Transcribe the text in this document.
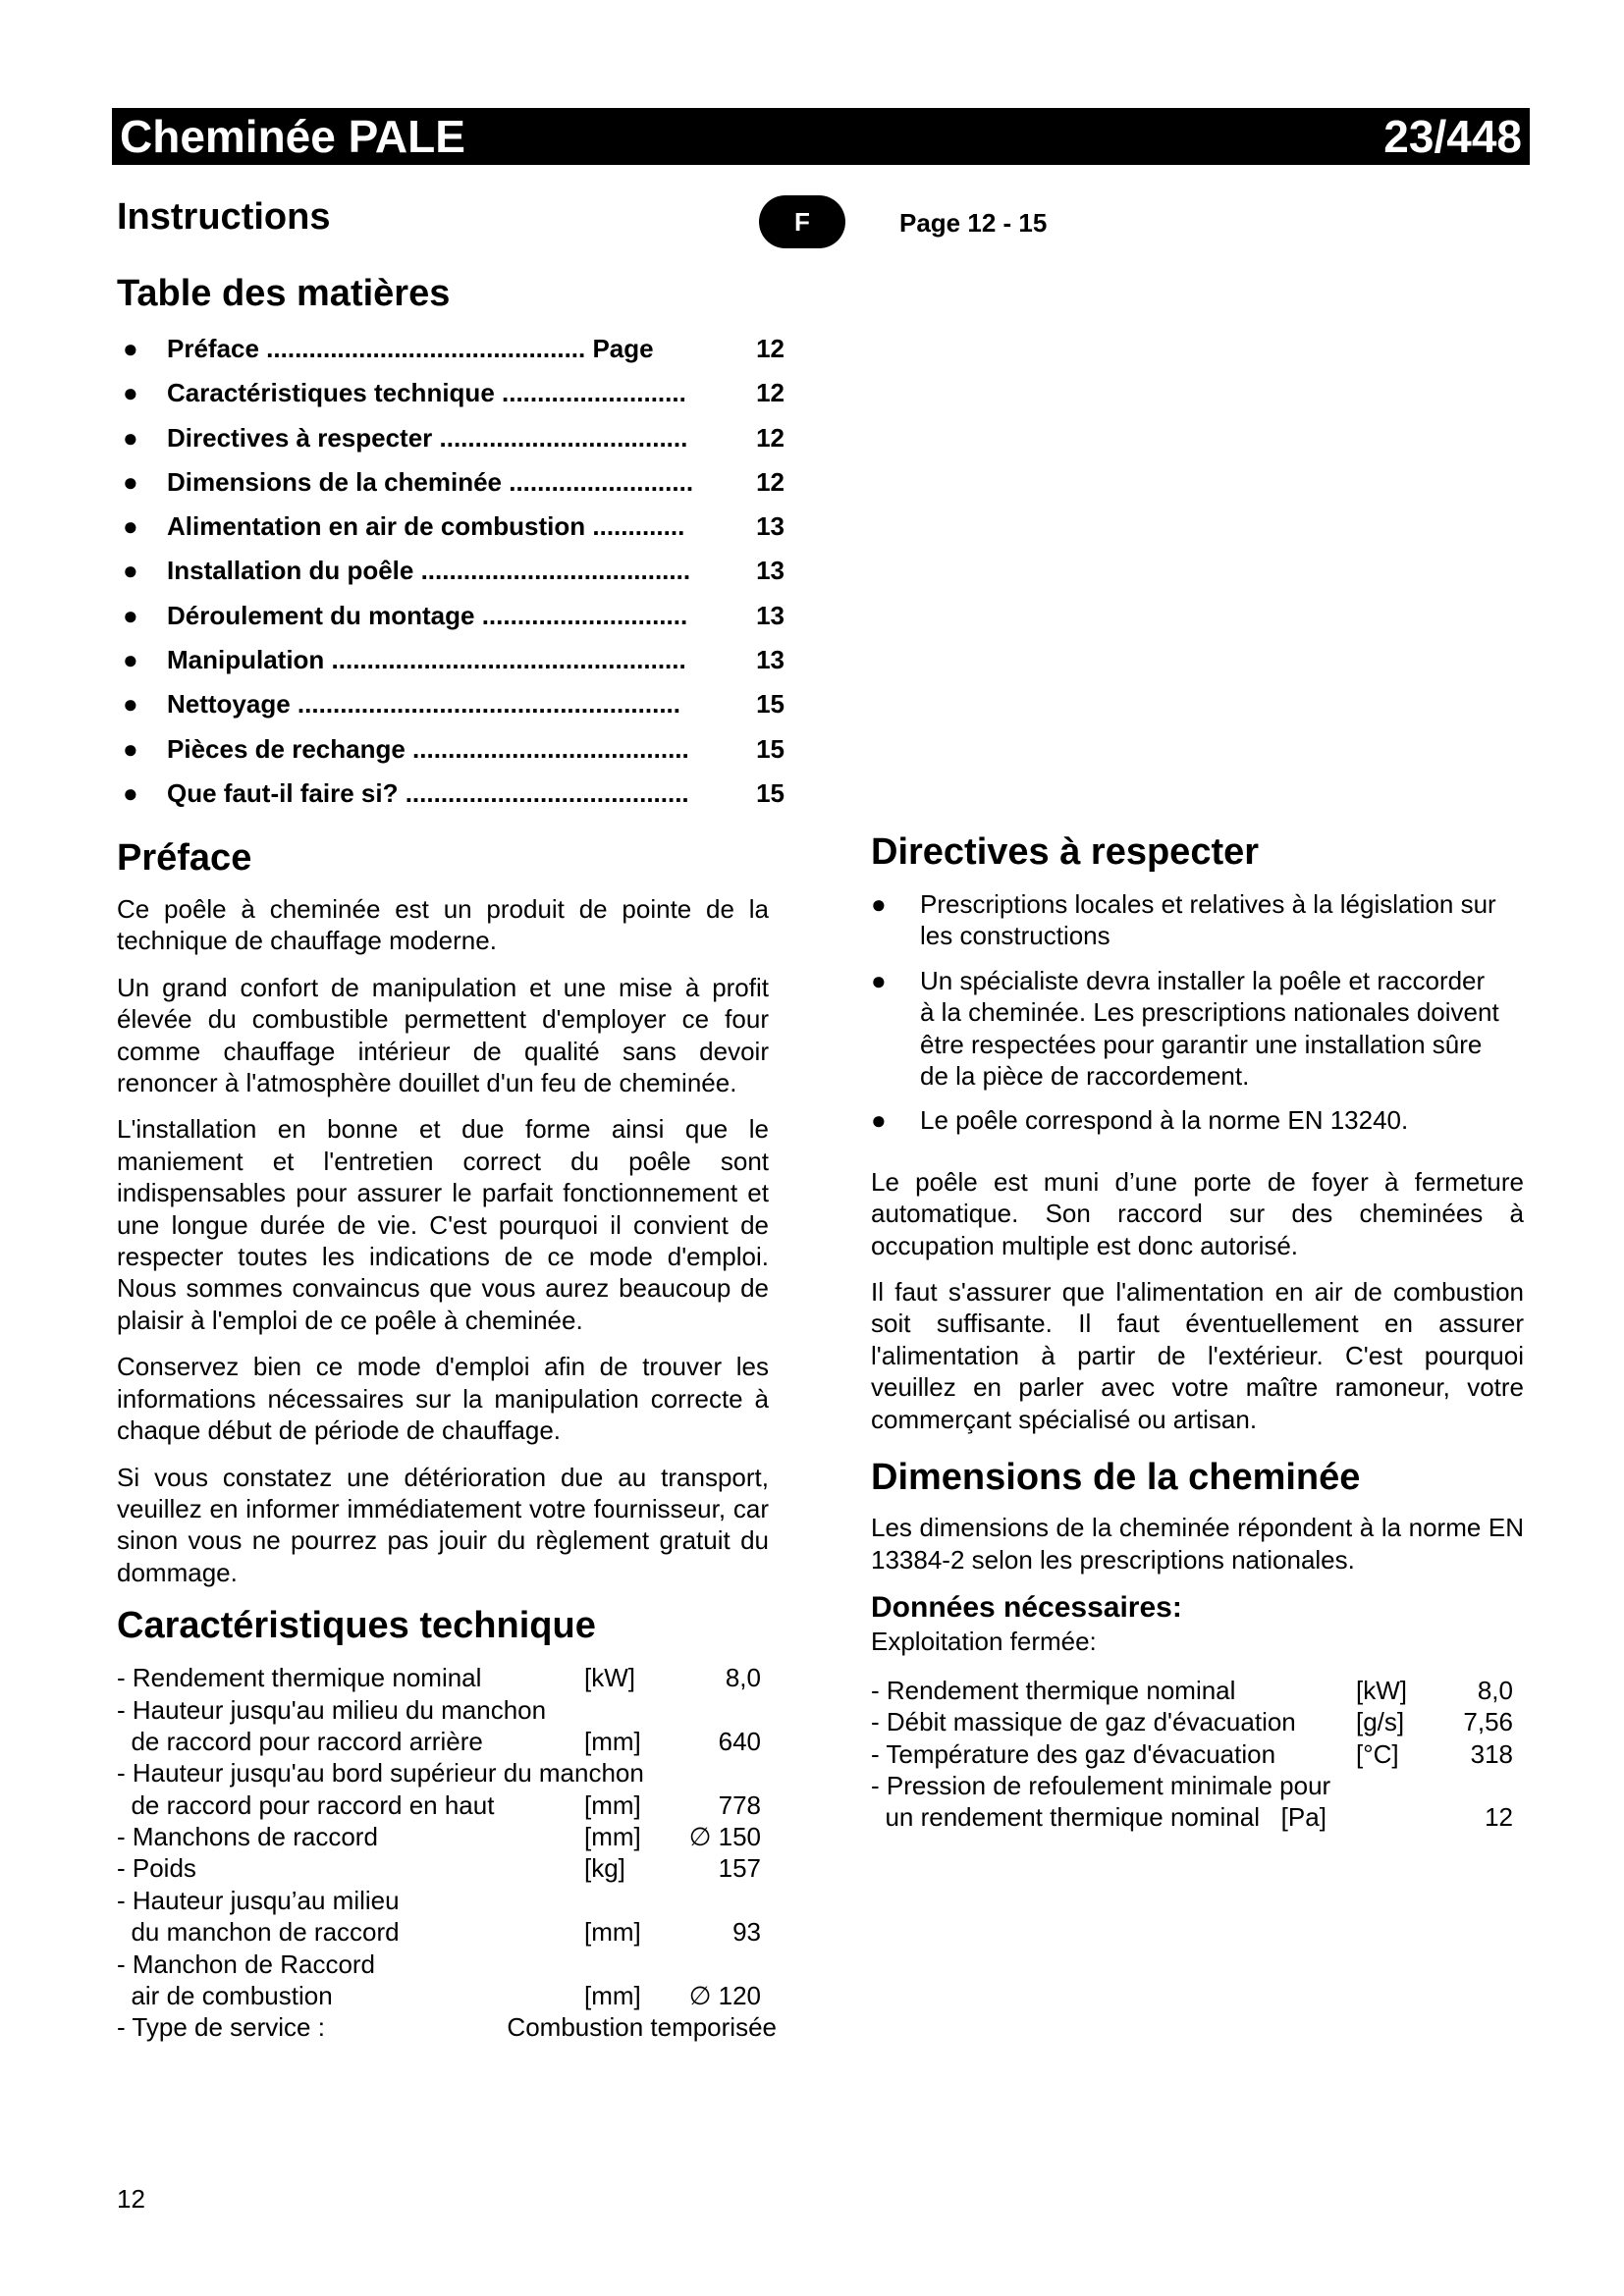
Cheminée PALE	23/448
Instructions	F	Page 12 - 15
Table des matières
● Préface ............................................. Page	12
● Caractéristiques technique ..........................	12
● Directives à respecter ...................................	12
● Dimensions de la cheminée ..........................	12
● Alimentation en air de combustion .............	13
● Installation du poêle ......................................	13
● Déroulement du montage .............................	13
● Manipulation ..................................................	13
● Nettoyage ......................................................	15
● Pièces de rechange .......................................	15
● Que faut-il faire si? ........................................	15
Préface

Ce poêle à cheminée est un produit de pointe de la technique de chauffage moderne.

Un grand confort de manipulation et une mise à profit élevée du combustible permettent d'employer ce four comme chauffage intérieur de qualité sans devoir renoncer à l'atmosphère douillet d'un feu de cheminée.

L'installation en bonne et due forme ainsi que le maniement et l'entretien correct du poêle sont indispensables pour assurer le parfait fonctionnement et une longue durée de vie. C'est pourquoi il convient de respecter toutes les indications de ce mode d'emploi. Nous sommes convaincus que vous aurez beaucoup de plaisir à l'emploi de ce poêle à cheminée.

Conservez bien ce mode d'emploi afin de trouver les informations nécessaires sur la manipulation correcte à chaque début de période de chauffage.

Si vous constatez une détérioration due au transport, veuillez en informer immédiatement votre fournisseur, car sinon vous ne pourrez pas jouir du règlement gratuit du dommage.

Caractéristiques technique
- Rendement thermique nominal	[kW]	8,0
- Hauteur jusqu'au milieu du manchon
de raccord pour raccord arrière	[mm]	640
- Hauteur jusqu'au bord supérieur du manchon
de raccord pour raccord en haut	[mm]	778
- Manchons de raccord	[mm]	∅ 150
- Poids	[kg]	157
- Hauteur jusqu’au milieu
du manchon de raccord	[mm]	93
- Manchon de Raccord
air de combustion	[mm]	∅ 120
- Type de service :	Combustion temporisée
Directives à respecter
● Prescriptions locales et relatives à la législation sur les constructions
● Un spécialiste devra installer la poêle et raccorder
à la cheminée. Les prescriptions nationales doivent être respectées pour garantir une installation sûre
de la pièce de raccordement.
● Le poêle correspond à la norme EN 13240.

Le poêle est muni d’une porte de foyer à fermeture automatique. Son raccord sur des cheminées à occupation multiple est donc autorisé.

Il faut s'assurer que l'alimentation en air de combustion soit suffisante. Il faut éventuellement en assurer l'alimentation à partir de l'extérieur. C'est pourquoi veuillez en parler avec votre maître ramoneur, votre commerçant spécialisé ou artisan.

Dimensions de la cheminée

Les dimensions de la cheminée répondent à la norme EN 13384-2 selon les prescriptions nationales.

Données nécessaires:
Exploitation fermée:
- Rendement thermique nominal	[kW]	8,0
- Débit massique de gaz d'évacuation [g/s]	7,56
- Température des gaz d'évacuation	[°C]	318
- Pression de refoulement minimale pour
un rendement thermique nominal   [Pa]	12
12
